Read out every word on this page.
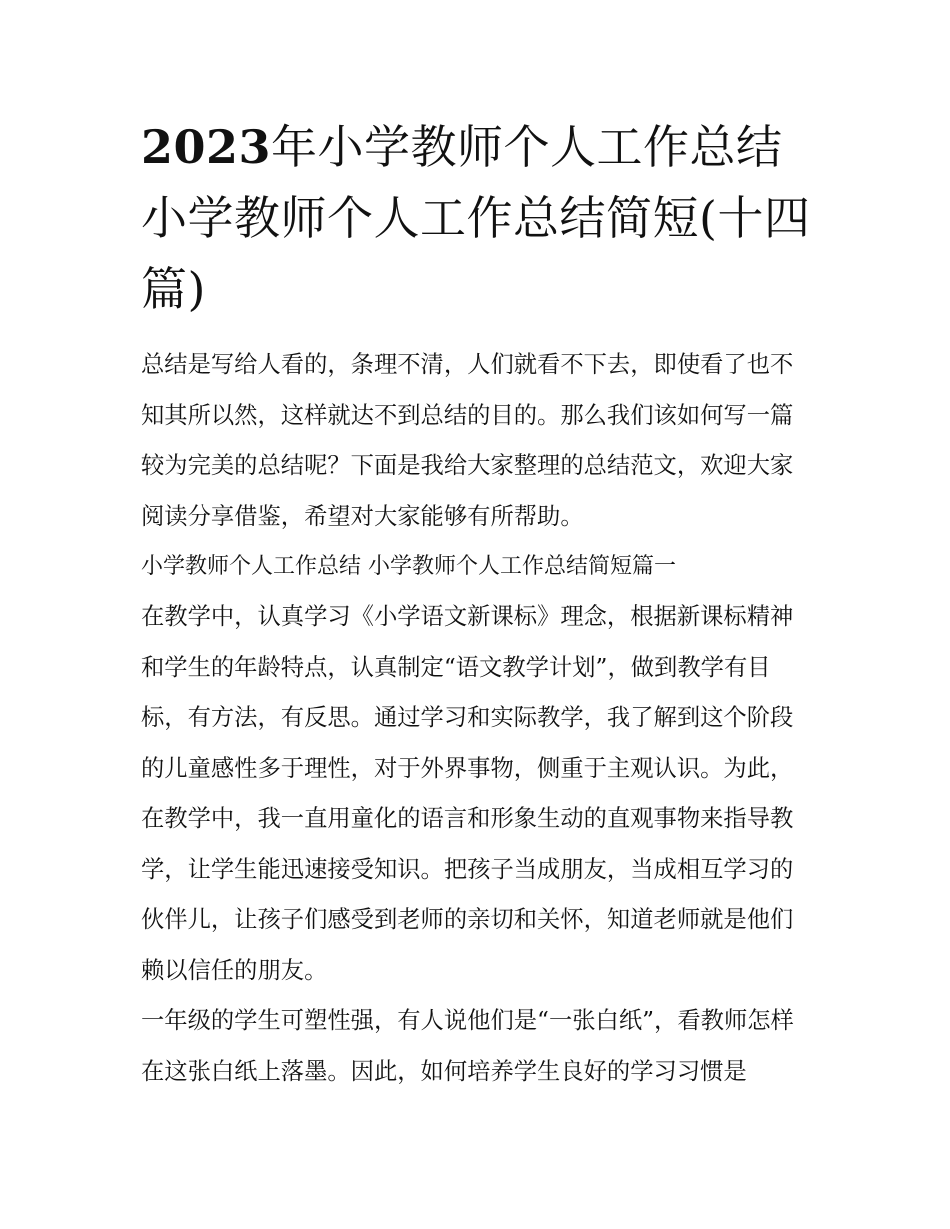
2023年小学教师个人工作总结 小学教师个人工作总结简短(十四篇)

总结是写给人看的，条理不清，人们就看不下去，即使看了也不知其所以然，这样就达不到总结的目的。那么我们该如何写一篇较为完美的总结呢？下面是我给大家整理的总结范文，欢迎大家阅读分享借鉴，希望对大家能够有所帮助。

小学教师个人工作总结 小学教师个人工作总结简短篇一

在教学中，认真学习《小学语文新课标》理念，根据新课标精神和学生的年龄特点，认真制定“语文教学计划”，做到教学有目标，有方法，有反思。通过学习和实际教学，我了解到这个阶段的儿童感性多于理性，对于外界事物，侧重于主观认识。为此，在教学中，我一直用童化的语言和形象生动的直观事物来指导教学，让学生能迅速接受知识。把孩子当成朋友，当成相互学习的伙伴儿，让孩子们感受到老师的亲切和关怀，知道老师就是他们赖以信任的朋友。

一年级的学生可塑性强，有人说他们是“一张白纸”，看教师怎样在这张白纸上落墨。因此，如何培养学生良好的学习习惯是
